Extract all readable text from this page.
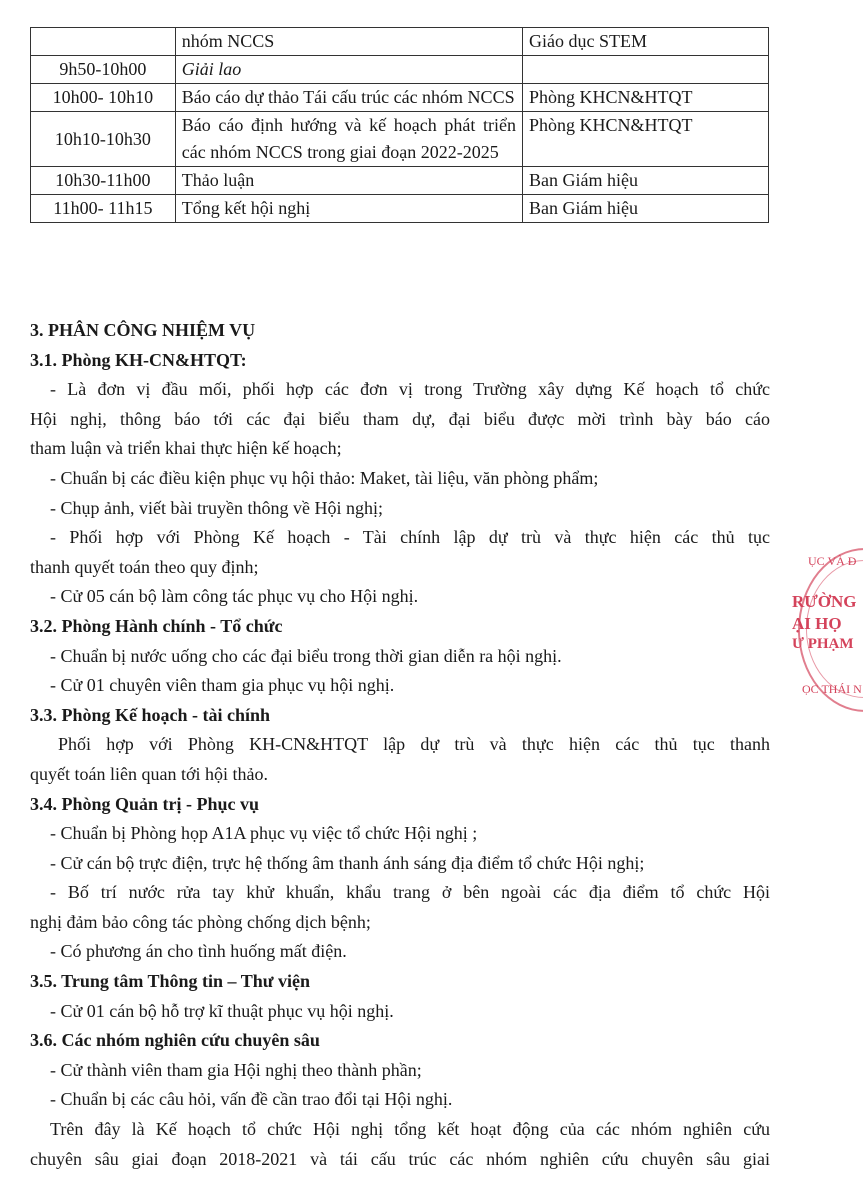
	nhóm NCCS	Giáo dục STEM
9h50-10h00	Giải lao	
10h00- 10h10	Báo cáo dự thảo Tái cấu trúc các nhóm NCCS	Phòng KHCN&HTQT
10h10-10h30	Báo cáo định hướng và kế hoạch phát triển các nhóm NCCS trong giai đoạn 2022-2025	Phòng KHCN&HTQT
10h30-11h00	Thảo luận	Ban Giám hiệu
11h00- 11h15	Tổng kết hội nghị	Ban Giám hiệu
3. PHÂN CÔNG NHIỆM VỤ
3.1. Phòng KH-CN&HTQT:
- Là đơn vị đầu mối, phối hợp các đơn vị trong Trường xây dựng Kế hoạch tổ chức
Hội nghị, thông báo tới các đại biểu tham dự, đại biểu được mời trình bày báo cáo
tham luận và triển khai thực hiện kế hoạch;
- Chuẩn bị các điều kiện phục vụ hội thảo: Maket, tài liệu, văn phòng phẩm;
- Chụp ảnh, viết bài truyền thông về Hội nghị;
- Phối hợp với Phòng Kế hoạch - Tài chính lập dự trù và thực hiện các thủ tục
thanh quyết toán theo quy định;
- Cử 05 cán bộ làm công tác phục vụ cho Hội nghị.
3.2. Phòng Hành chính - Tổ chức
- Chuẩn bị nước uống cho các đại biểu trong thời gian diễn ra hội nghị.
- Cử 01 chuyên viên tham gia phục vụ hội nghị.
3.3. Phòng Kế hoạch - tài chính
Phối hợp với Phòng KH-CN&HTQT lập dự trù và thực hiện các thủ tục thanh
quyết toán liên quan tới hội thảo.
3.4. Phòng Quản trị - Phục vụ
- Chuẩn bị Phòng họp A1A phục vụ việc tổ chức Hội nghị ;
- Cử cán bộ trực điện, trực hệ thống âm thanh ánh sáng địa điểm tổ chức Hội nghị;
- Bố trí nước rửa tay khử khuẩn, khẩu trang ở bên ngoài các địa điểm tổ chức Hội
nghị đảm bảo công tác phòng chống dịch bệnh;
- Có phương án cho tình huống mất điện.
3.5. Trung tâm Thông tin – Thư viện
- Cử 01 cán bộ hỗ trợ kĩ thuật phục vụ hội nghị.
3.6. Các nhóm nghiên cứu chuyên sâu
- Cử thành viên tham gia Hội nghị theo thành phần;
- Chuẩn bị các câu hỏi, vấn đề cần trao đổi tại Hội nghị.
Trên đây là Kế hoạch tổ chức Hội nghị tổng kết hoạt động của các nhóm nghiên cứu
chuyên sâu giai đoạn 2018-2021 và tái cấu trúc các nhóm nghiên cứu chuyên sâu giai
ỤC VÀ Đ
RƯỜNG
ẠI HỌ
Ư PHẠM
ỌC THÁI N
